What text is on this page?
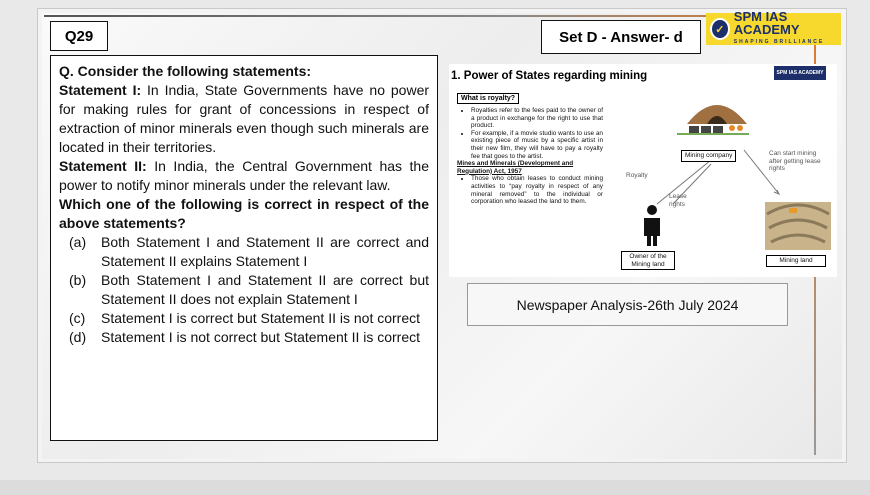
Q29	Set D - Answer- d	✓
SPM IAS ACADEMY
SHAPING BRILLIANCE

Q. Consider the following statements:

Statement I: In India, State Governments have no power for making rules for grant of concessions in respect of extraction of minor minerals even though such minerals are located in their territories.

Statement II: In India, the Central Government has the power to notify minor minerals under the relevant law.

Which one of the following is correct in respect of the above statements?

(a)	Both Statement I and Statement II are correct and Statement II explains Statement I
(b)	Both Statement I and Statement II are correct but Statement II does not explain Statement I
(c)	Statement I is correct but Statement II is not correct
(d)	Statement I is not correct but Statement II is correct
1. Power of States regarding mining	SPM IAS ACADEMY
What is royalty?
• Royalties refer to the fees paid to the owner of a product in exchange for the right to use that product.
• For example, if a movie studio wants to use an existing piece of music by a specific artist in their new film, they will have to pay a royalty fee that goes to the artist.
Mines and Minerals (Development and Regulation) Act, 1957
• Those who obtain leases to conduct mining activities to “pay royalty in respect of any mineral removed” to the individual or corporation who leased the land to them.
Mining company
Royalty
Lease rights
Can start mining after getting lease rights
Owner of the Mining land	Mining land
Newspaper Analysis-26th July 2024
